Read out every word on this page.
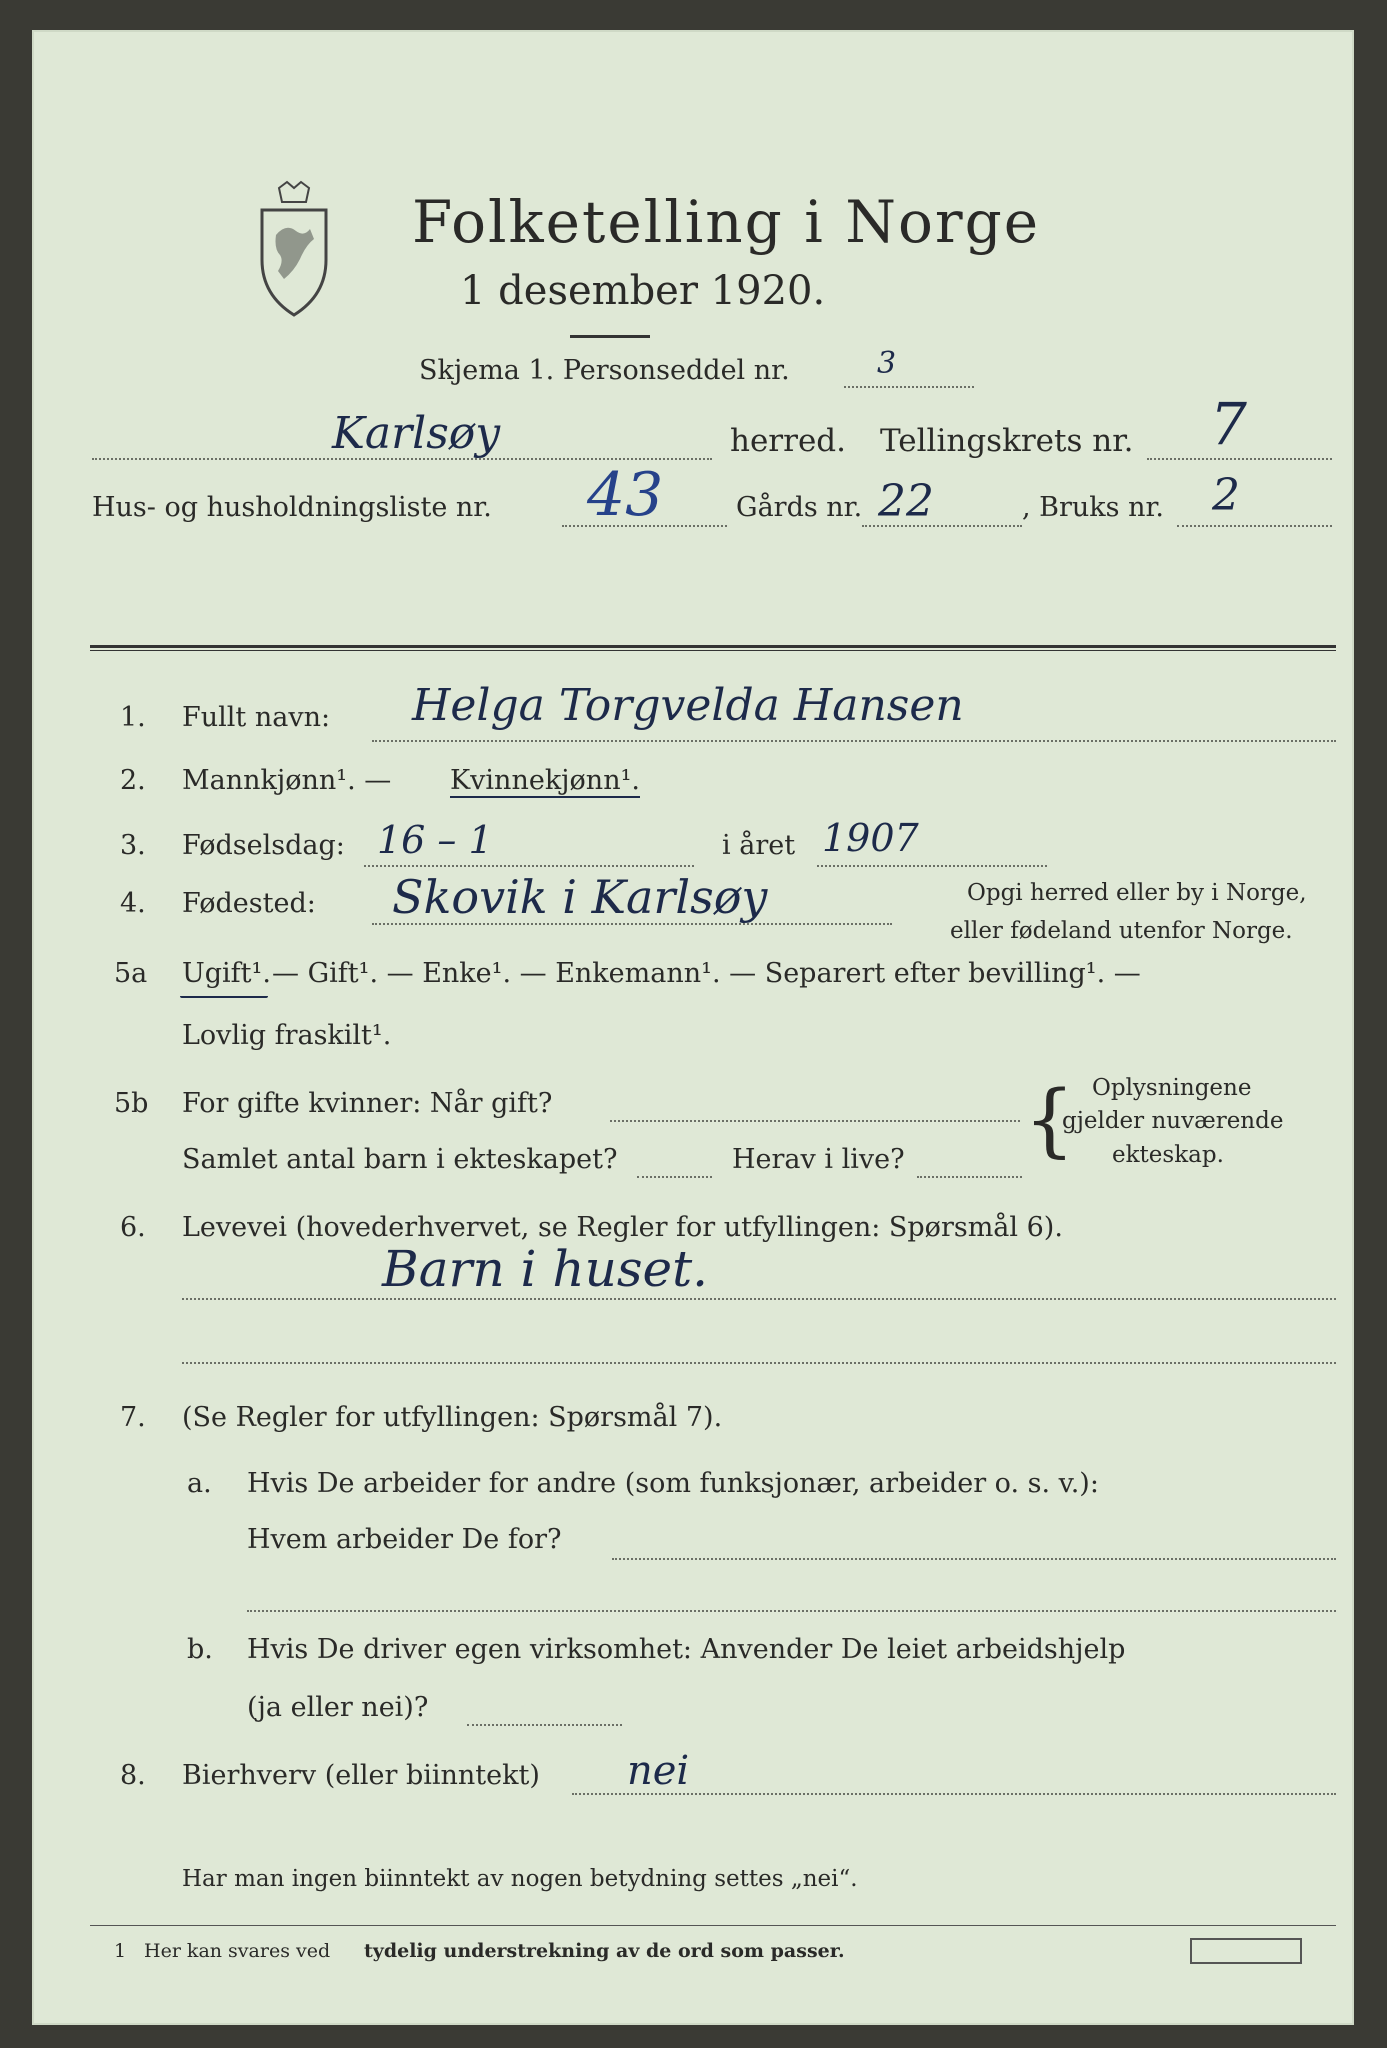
Folketelling i Norge
1 desember 1920.
Skjema 1. Personseddel nr.	3
Karlsøy	herred. Tellingskrets nr. 7
Hus- og husholdningsliste nr. 43	Gårds nr. 22	, Bruks nr. 2
1. Fullt navn: Helga Torgvelda Hansen
2. Mannkjønn¹. — Kvinnekjønn¹.
3. Fødselsdag: 16 – 1	i året 1907
4. Fødested: Skovik i Karlsøy	Opgi herred eller by i Norge,
eller fødeland utenfor Norge.
5a Ugift¹. — Gift¹. — Enke¹. — Enkemann¹. — Separert efter bevilling¹. —
Lovlig fraskilt¹.
5b For gifte kvinner: Når gift?
Samlet antal barn i ekteskapet?	Herav i live? { Oplysningene
gjelder nuværende
ekteskap.
6. Levevei (hovederhvervet, se Regler for utfyllingen: Spørsmål 6).
Barn i huset.
7. (Se Regler for utfyllingen: Spørsmål 7).
a. Hvis De arbeider for andre (som funksjonær, arbeider o. s. v.):
Hvem arbeider De for?
b. Hvis De driver egen virksomhet: Anvender De leiet arbeidshjelp
(ja eller nei)?
8. Bierhverv (eller biinntekt) nei
Har man ingen biinntekt av nogen betydning settes „nei“.
1 Her kan svares ved tydelig understrekning av de ord som passer.
